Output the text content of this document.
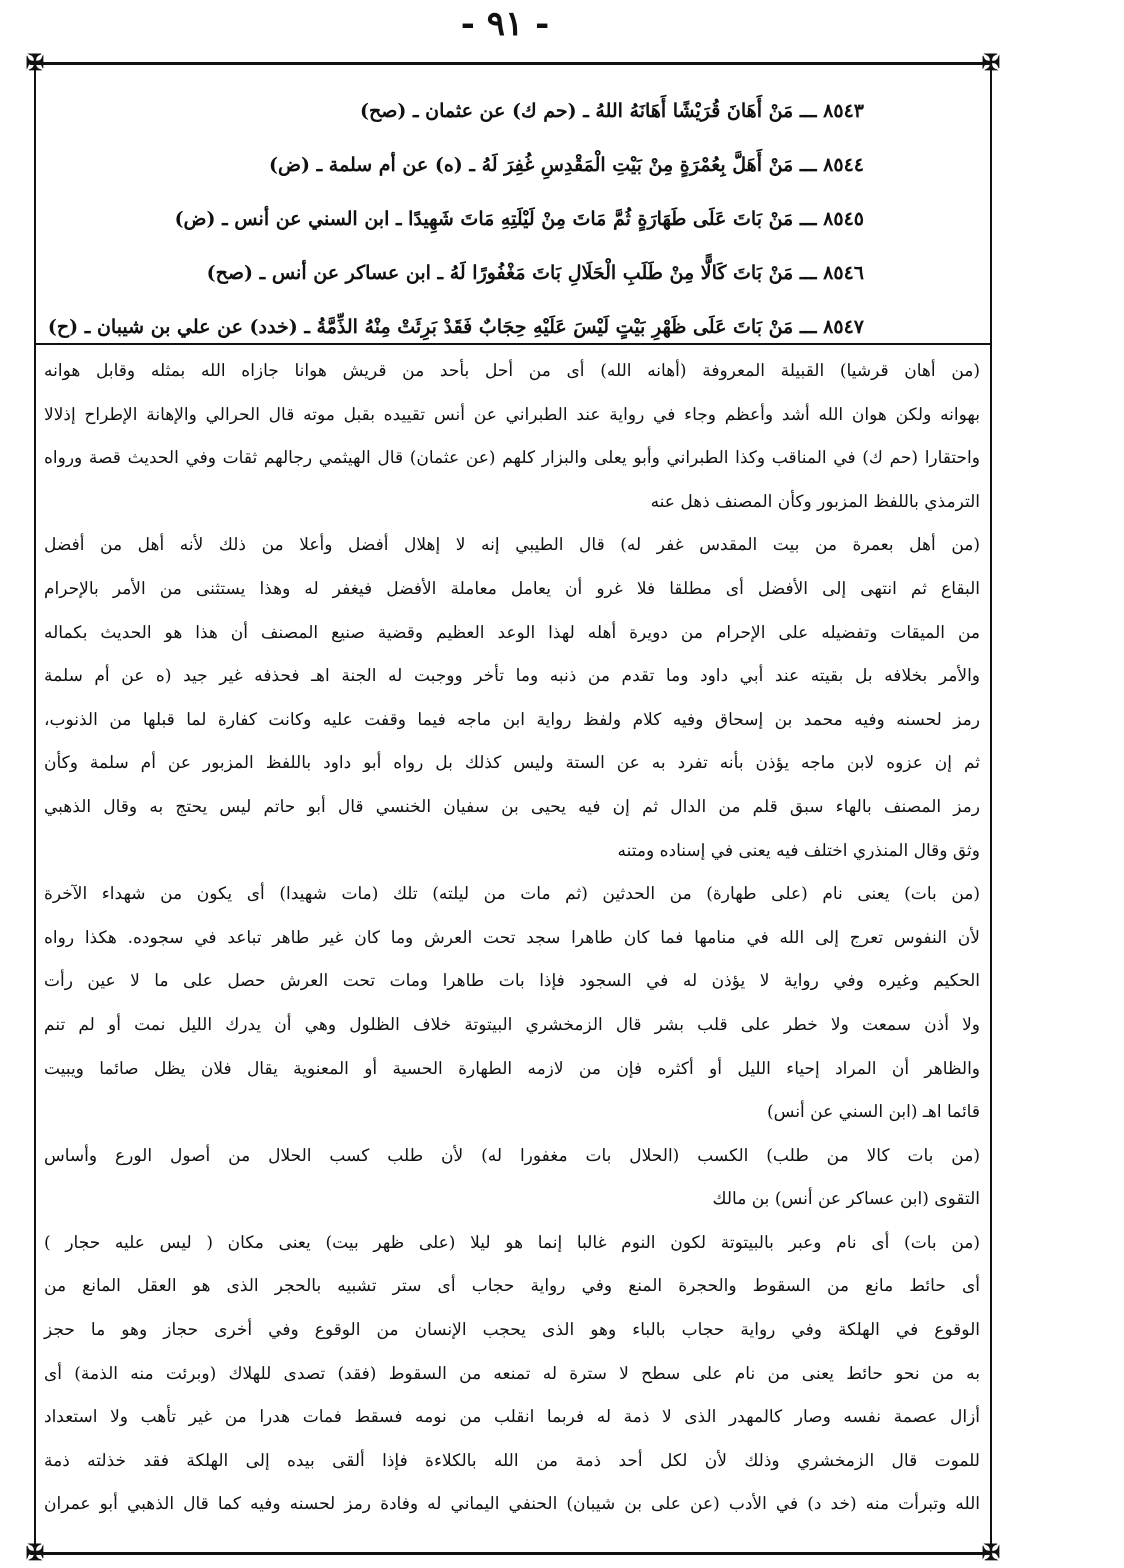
- ٩١ -
✠	✠
✠	✠
٨٥٤٣ ـــ مَنْ أَهَانَ قُرَيْشًا أَهَانَهُ اللهُ ـ (حم ك) عن عثمان ـ (صح)
٨٥٤٤ ـــ مَنْ أَهَلَّ بِعُمْرَةٍ مِنْ بَيْتِ الْمَقْدِسِ غُفِرَ لَهُ ـ (ه) عن أم سلمة ـ (ض)
٨٥٤٥ ـــ مَنْ بَاتَ عَلَى طَهَارَةٍ ثُمَّ مَاتَ مِنْ لَيْلَتِهِ مَاتَ شَهِيدًا ـ ابن السني عن أنس ـ (ض)
٨٥٤٦ ـــ مَنْ بَاتَ كَالًّا مِنْ طَلَبِ الْحَلَالِ بَاتَ مَغْفُورًا لَهُ ـ ابن عساكر عن أنس ـ (صح)
٨٥٤٧ ـــ مَنْ بَاتَ عَلَى ظَهْرِ بَيْتٍ لَيْسَ عَلَيْهِ حِجَابٌ فَقَدْ بَرِئَتْ مِنْهُ الذِّمَّةُ ـ (خدد) عن علي بن شيبان ـ (ح)
(من أهان قرشيا) القبيلة المعروفة (أهانه الله) أى من أحل بأحد من قريش هوانا جازاه الله بمثله وقابل هوانه
بهوانه ولكن هوان الله أشد وأعظم وجاء في رواية عند الطبراني عن أنس تقييده بقبل موته قال الحرالي والإهانة الإطراح إذلالا
واحتقارا (حم ك) في المناقب وكذا الطبراني وأبو يعلى والبزار كلهم (عن عثمان) قال الهيثمي رجالهم ثقات وفي الحديث قصة ورواه
الترمذي باللفظ المزبور وكأن المصنف ذهل عنه
(من أهل بعمرة من بيت المقدس غفر له) قال الطيبي إنه لا إهلال أفضل وأعلا من ذلك لأنه أهل من أفضل
البقاع ثم انتهى إلى الأفضل أى مطلقا فلا غرو أن يعامل معاملة الأفضل فيغفر له وهذا يستثنى من الأمر بالإحرام
من الميقات وتفضيله على الإحرام من دويرة أهله لهذا الوعد العظيم وقضية صنيع المصنف أن هذا هو الحديث بكماله
والأمر بخلافه بل بقيته عند أبي داود وما تقدم من ذنبه وما تأخر ووجبت له الجنة اهـ فحذفه غير جيد (ه عن أم سلمة
رمز لحسنه وفيه محمد بن إسحاق وفيه كلام ولفظ رواية ابن ماجه فيما وقفت عليه وكانت كفارة لما قبلها من الذنوب،
ثم إن عزوه لابن ماجه يؤذن بأنه تفرد به عن الستة وليس كذلك بل رواه أبو داود باللفظ المزبور عن أم سلمة وكأن
رمز المصنف بالهاء سبق قلم من الدال ثم إن فيه يحيى بن سفيان الخنسي قال أبو حاتم ليس يحتج به وقال الذهبي
وثق وقال المنذري اختلف فيه يعنى في إسناده ومتنه
(من بات) يعنى نام (على طهارة) من الحدثين (ثم مات من ليلته) تلك (مات شهيدا) أى يكون من شهداء الآخرة
لأن النفوس تعرج إلى الله في منامها فما كان طاهرا سجد تحت العرش وما كان غير طاهر تباعد في سجوده. هكذا رواه
الحكيم وغيره وفي رواية لا يؤذن له في السجود فإذا بات طاهرا ومات تحت العرش حصل على ما لا عين رأت
ولا أذن سمعت ولا خطر على قلب بشر قال الزمخشري البيتوتة خلاف الظلول وهي أن يدرك الليل نمت أو لم تنم
والظاهر أن المراد إحياء الليل أو أكثره فإن من لازمه الطهارة الحسية أو المعنوية يقال فلان يظل صائما ويبيت
قائما اهـ (ابن السني عن أنس)
(من بات كالا من طلب) الكسب (الحلال بات مغفورا له) لأن طلب كسب الحلال من أصول الورع وأساس
التقوى (ابن عساكر عن أنس) بن مالك
(من بات) أى نام وعبر بالبيتوتة لكون النوم غالبا إنما هو ليلا (على ظهر بيت) يعنى مكان ( ليس عليه حجار )
أى حائط مانع من السقوط والحجرة المنع وفي رواية حجاب أى ستر تشبيه بالحجر الذى هو العقل المانع من
الوقوع في الهلكة وفي رواية حجاب بالباء وهو الذى يحجب الإنسان من الوقوع وفي أخرى حجاز وهو ما حجز
به من نحو حائط يعنى من نام على سطح لا سترة له تمنعه من السقوط (فقد) تصدى للهلاك (وبرئت منه الذمة) أى
أزال عصمة نفسه وصار كالمهدر الذى لا ذمة له فربما انقلب من نومه فسقط فمات هدرا من غير تأهب ولا استعداد
للموت قال الزمخشري وذلك لأن لكل أحد ذمة من الله بالكلاءة فإذا ألقى بيده إلى الهلكة فقد خذلته ذمة
الله وتبرأت منه (خد د) في الأدب (عن على بن شيبان) الحنفي اليماني له وفادة رمز لحسنه وفيه كما قال الذهبي أبو عمران
